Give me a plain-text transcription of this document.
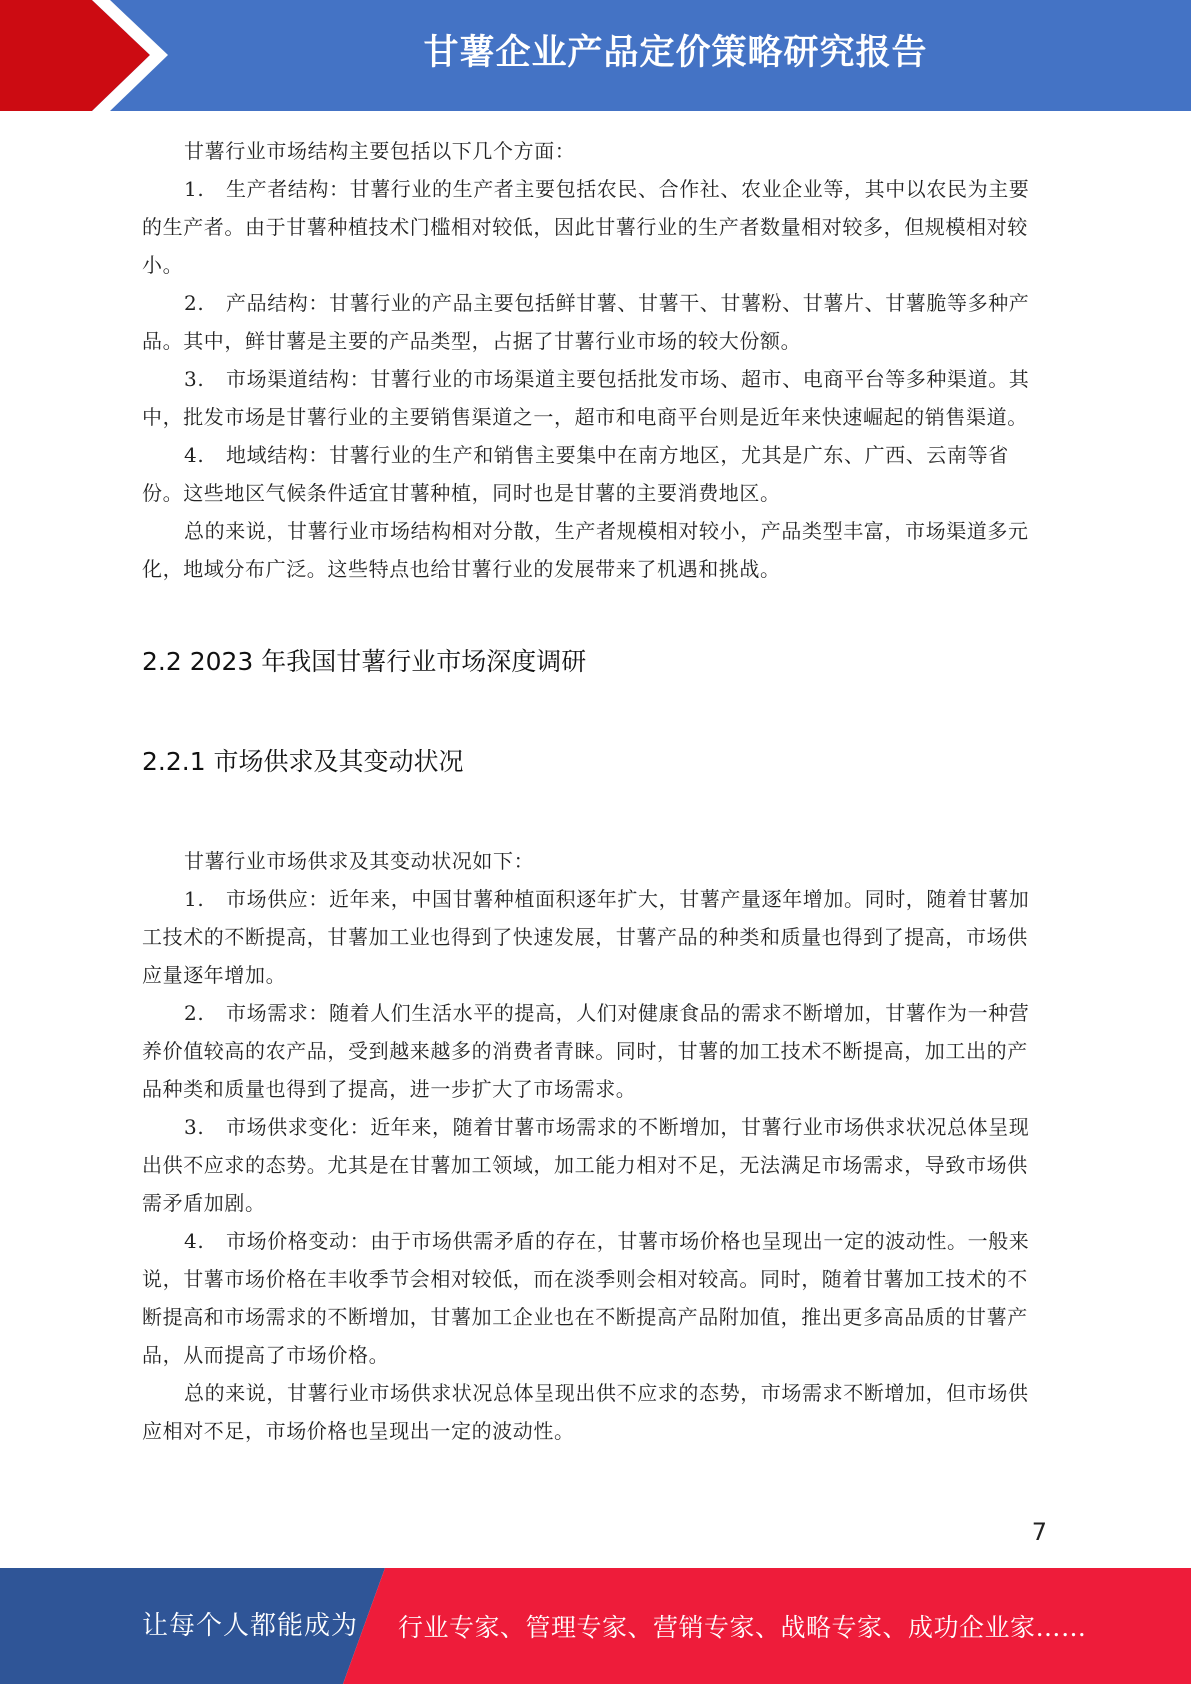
甘薯企业产品定价策略研究报告

甘薯行业市场结构主要包括以下几个方面：

1. 生产者结构：甘薯行业的生产者主要包括农民、合作社、农业企业等，其中以农民为主要的生产者。由于甘薯种植技术门槛相对较低，因此甘薯行业的生产者数量相对较多，但规模相对较小。

2. 产品结构：甘薯行业的产品主要包括鲜甘薯、甘薯干、甘薯粉、甘薯片、甘薯脆等多种产品。其中，鲜甘薯是主要的产品类型，占据了甘薯行业市场的较大份额。

3. 市场渠道结构：甘薯行业的市场渠道主要包括批发市场、超市、电商平台等多种渠道。其中，批发市场是甘薯行业的主要销售渠道之一，超市和电商平台则是近年来快速崛起的销售渠道。

4. 地域结构：甘薯行业的生产和销售主要集中在南方地区，尤其是广东、广西、云南等省份。这些地区气候条件适宜甘薯种植，同时也是甘薯的主要消费地区。

总的来说，甘薯行业市场结构相对分散，生产者规模相对较小，产品类型丰富，市场渠道多元化，地域分布广泛。这些特点也给甘薯行业的发展带来了机遇和挑战。

2.2 2023 年我国甘薯行业市场深度调研
2.2.1 市场供求及其变动状况

甘薯行业市场供求及其变动状况如下：

1. 市场供应：近年来，中国甘薯种植面积逐年扩大，甘薯产量逐年增加。同时，随着甘薯加工技术的不断提高，甘薯加工业也得到了快速发展，甘薯产品的种类和质量也得到了提高，市场供应量逐年增加。

2. 市场需求：随着人们生活水平的提高，人们对健康食品的需求不断增加，甘薯作为一种营养价值较高的农产品，受到越来越多的消费者青睐。同时，甘薯的加工技术不断提高，加工出的产品种类和质量也得到了提高，进一步扩大了市场需求。

3. 市场供求变化：近年来，随着甘薯市场需求的不断增加，甘薯行业市场供求状况总体呈现出供不应求的态势。尤其是在甘薯加工领域，加工能力相对不足，无法满足市场需求，导致市场供需矛盾加剧。

4. 市场价格变动：由于市场供需矛盾的存在，甘薯市场价格也呈现出一定的波动性。一般来说，甘薯市场价格在丰收季节会相对较低，而在淡季则会相对较高。同时，随着甘薯加工技术的不断提高和市场需求的不断增加，甘薯加工企业也在不断提高产品附加值，推出更多高品质的甘薯产品，从而提高了市场价格。

总的来说，甘薯行业市场供求状况总体呈现出供不应求的态势，市场需求不断增加，但市场供应相对不足，市场价格也呈现出一定的波动性。

7
让每个人都能成为 行业专家、管理专家、营销专家、战略专家、成功企业家……
